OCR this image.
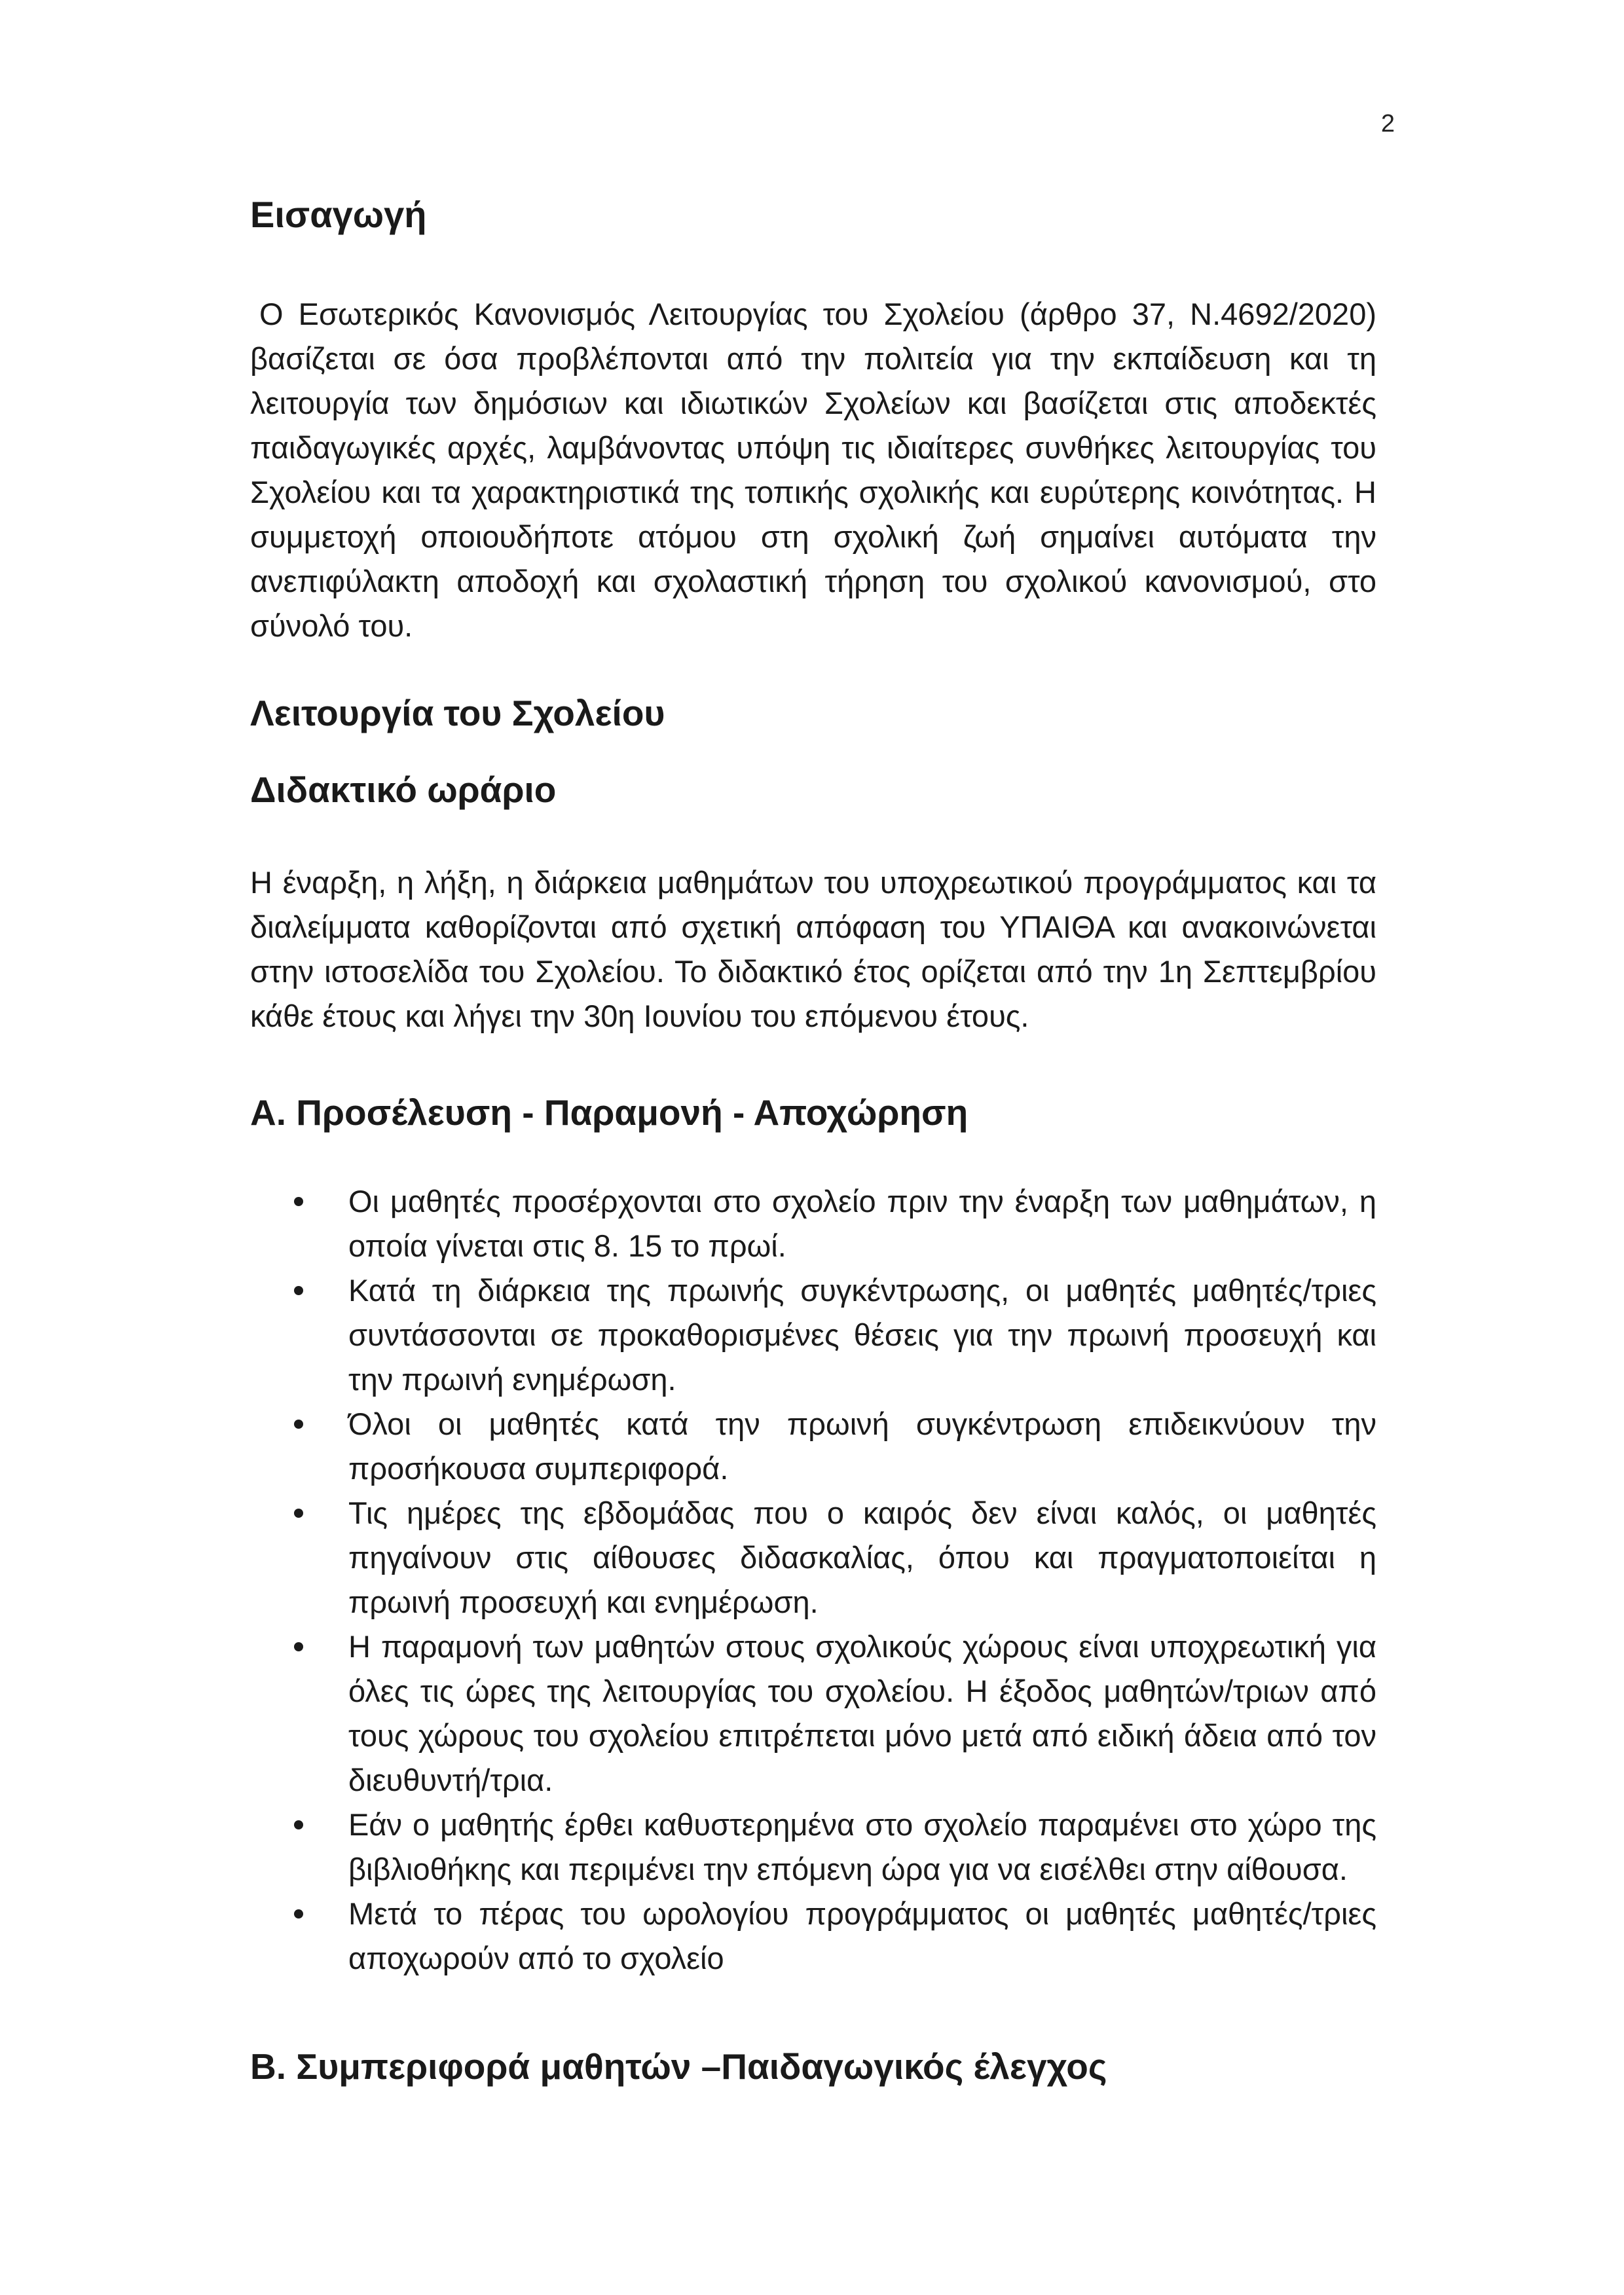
2
Εισαγωγή

Ο Εσωτερικός Κανονισμός Λειτουργίας του Σχολείου (άρθρο 37, Ν.4692/2020) βασίζεται σε όσα προβλέπονται από την πολιτεία για την εκπαίδευση και τη λειτουργία των δημόσιων και ιδιωτικών Σχολείων και βασίζεται στις αποδεκτές παιδαγωγικές αρχές, λαμβάνοντας υπόψη τις ιδιαίτερες συνθήκες λειτουργίας του Σχολείου και τα χαρακτηριστικά της τοπικής σχολικής και ευρύτερης κοινότητας. Η συμμετοχή οποιουδήποτε ατόμου στη σχολική ζωή σημαίνει αυτόματα την ανεπιφύλακτη αποδοχή και σχολαστική τήρηση του σχολικού κανονισμού, στο σύνολό του.

Λειτουργία του Σχολείου
Διδακτικό ωράριο

Η έναρξη, η λήξη, η διάρκεια μαθημάτων του υποχρεωτικού προγράμματος και τα διαλείμματα καθορίζονται από σχετική απόφαση του ΥΠΑΙΘΑ και ανακοινώνεται στην ιστοσελίδα του Σχολείου. Το διδακτικό έτος ορίζεται από την 1η Σεπτεμβρίου κάθε έτους και λήγει την 30η Ιουνίου του επόμενου έτους.

Α. Προσέλευση - Παραμονή - Αποχώρηση
Οι μαθητές προσέρχονται στο σχολείο πριν την έναρξη των μαθημάτων, η οποία γίνεται στις 8. 15 το πρωί.
Κατά τη διάρκεια της πρωινής συγκέντρωσης, οι μαθητές μαθητές/τριες συντάσσονται σε προκαθορισμένες θέσεις για την πρωινή προσευχή και την πρωινή ενημέρωση.
Όλοι οι μαθητές κατά την πρωινή συγκέντρωση επιδεικνύουν την προσήκουσα συμπεριφορά.
Τις ημέρες της εβδομάδας που ο καιρός δεν είναι καλός, οι μαθητές πηγαίνουν στις αίθουσες διδασκαλίας, όπου και πραγματοποιείται η πρωινή προσευχή και ενημέρωση.
Η παραμονή των μαθητών στους σχολικούς χώρους είναι υποχρεωτική για όλες τις ώρες της λειτουργίας του σχολείου. Η έξοδος μαθητών/τριων από τους χώρους του σχολείου επιτρέπεται μόνο μετά από ειδική άδεια από τον διευθυντή/τρια.
Εάν ο μαθητής έρθει καθυστερημένα στο σχολείο παραμένει στο χώρο της βιβλιοθήκης και περιμένει την επόμενη ώρα για να εισέλθει στην αίθουσα.
Μετά το πέρας του ωρολογίου προγράμματος οι μαθητές μαθητές/τριες αποχωρούν από το σχολείο
Β. Συμπεριφορά μαθητών –Παιδαγωγικός έλεγχος
